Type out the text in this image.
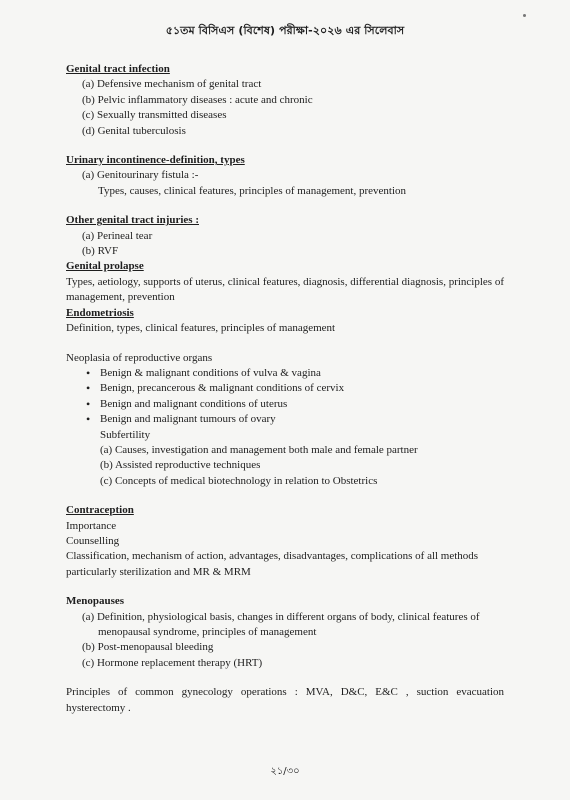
৫১তম বিসিএস (বিশেষ) পরীক্ষা-২০২৬ এর সিলেবাস
Genital tract infection
(a) Defensive mechanism of genital tract
(b) Pelvic inflammatory diseases : acute and chronic
(c) Sexually transmitted diseases
(d) Genital tuberculosis
Urinary incontinence-definition, types
(a) Genitourinary fistula :-
Types, causes, clinical features, principles of management, prevention
Other genital tract injuries :
(a) Perineal tear
(b) RVF
Genital prolapse
Types, aetiology, supports of uterus, clinical features, diagnosis, differential diagnosis, principles of management, prevention
Endometriosis
Definition, types, clinical features, principles of management
Neoplasia of reproductive organs
• Benign & malignant conditions of vulva & vagina
• Benign, precancerous & malignant conditions of cervix
• Benign and malignant conditions of uterus
• Benign and malignant tumours of ovary
Subfertility
(a) Causes, investigation and management both male and female partner
(b) Assisted reproductive techniques
(c) Concepts of medical biotechnology in relation to Obstetrics
Contraception
Importance
Counselling
Classification, mechanism of action, advantages, disadvantages, complications of all methods particularly sterilization and MR & MRM
Menopauses
(a) Definition, physiological basis, changes in different organs of body, clinical features of menopausal syndrome, principles of management
(b) Post-menopausal bleeding
(c) Hormone replacement therapy (HRT)
Principles of common gynecology operations : MVA, D&C, E&C , suction evacuation hysterectomy .
২১/৩০
